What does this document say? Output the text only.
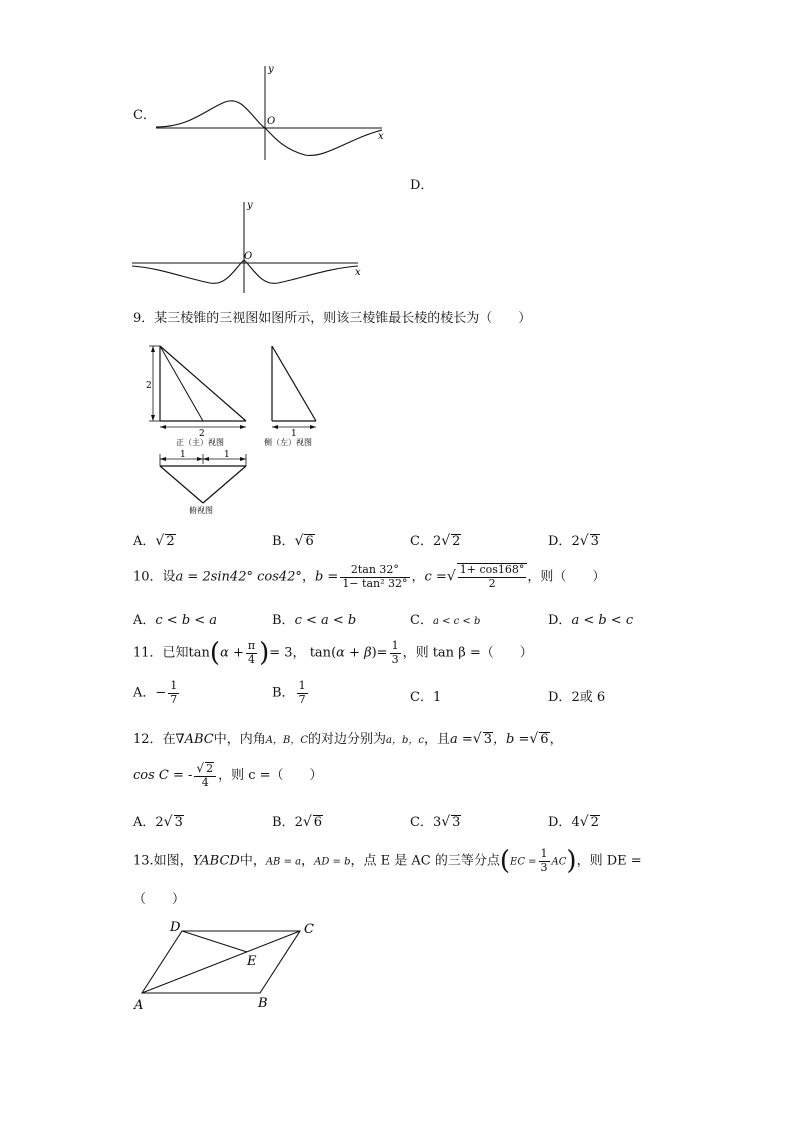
C．
y
x
O
D．
y
x
O
9．某三棱锥的三视图如图所示，则该三棱锥最长棱的棱长为（　　）
2
2
正（主）视图
1
侧（左）视图
1	1
俯视图
A．√ 2	B．√ 6	C．2√ 2	D．2√ 3
10．设a = 2sin42° cos42°，$b = \frac{2\tan 32^\circ}{\text{1− tan² 32°}}$ ，c =√ $\frac{1+ \cos 168^\circ}{2}$ ，则（　　）
A．c < b < a	B．c < a < b	C．a < c < b	D．a < b < c
11．已知$\tan(\alpha + \frac{\pi}{4}$ )= 3， $\tan(\alpha + \beta)= \frac{1}{3}$ ，则 tan β =（　　）
A．− $\frac{1}{7}$	B． $\frac{1}{7}$	C．1	D．2或 6
12．在∇ABC中，内角A，B，C的对边分别为a，b，c，且a =√ 3，b =√ 6，
cos C = - $\frac{√ 2}{4}$ ，则 c =（　　）
A．2√ 3	B．2√ 6	C．3√ 3	D．4√ 2
13.如图，YABCD中，AB = a，AD = b，点 E 是 AC 的三等分点$(EC = \frac{1}{3} AC)$，则 DE =
（　　）
A	B
C
D
E
